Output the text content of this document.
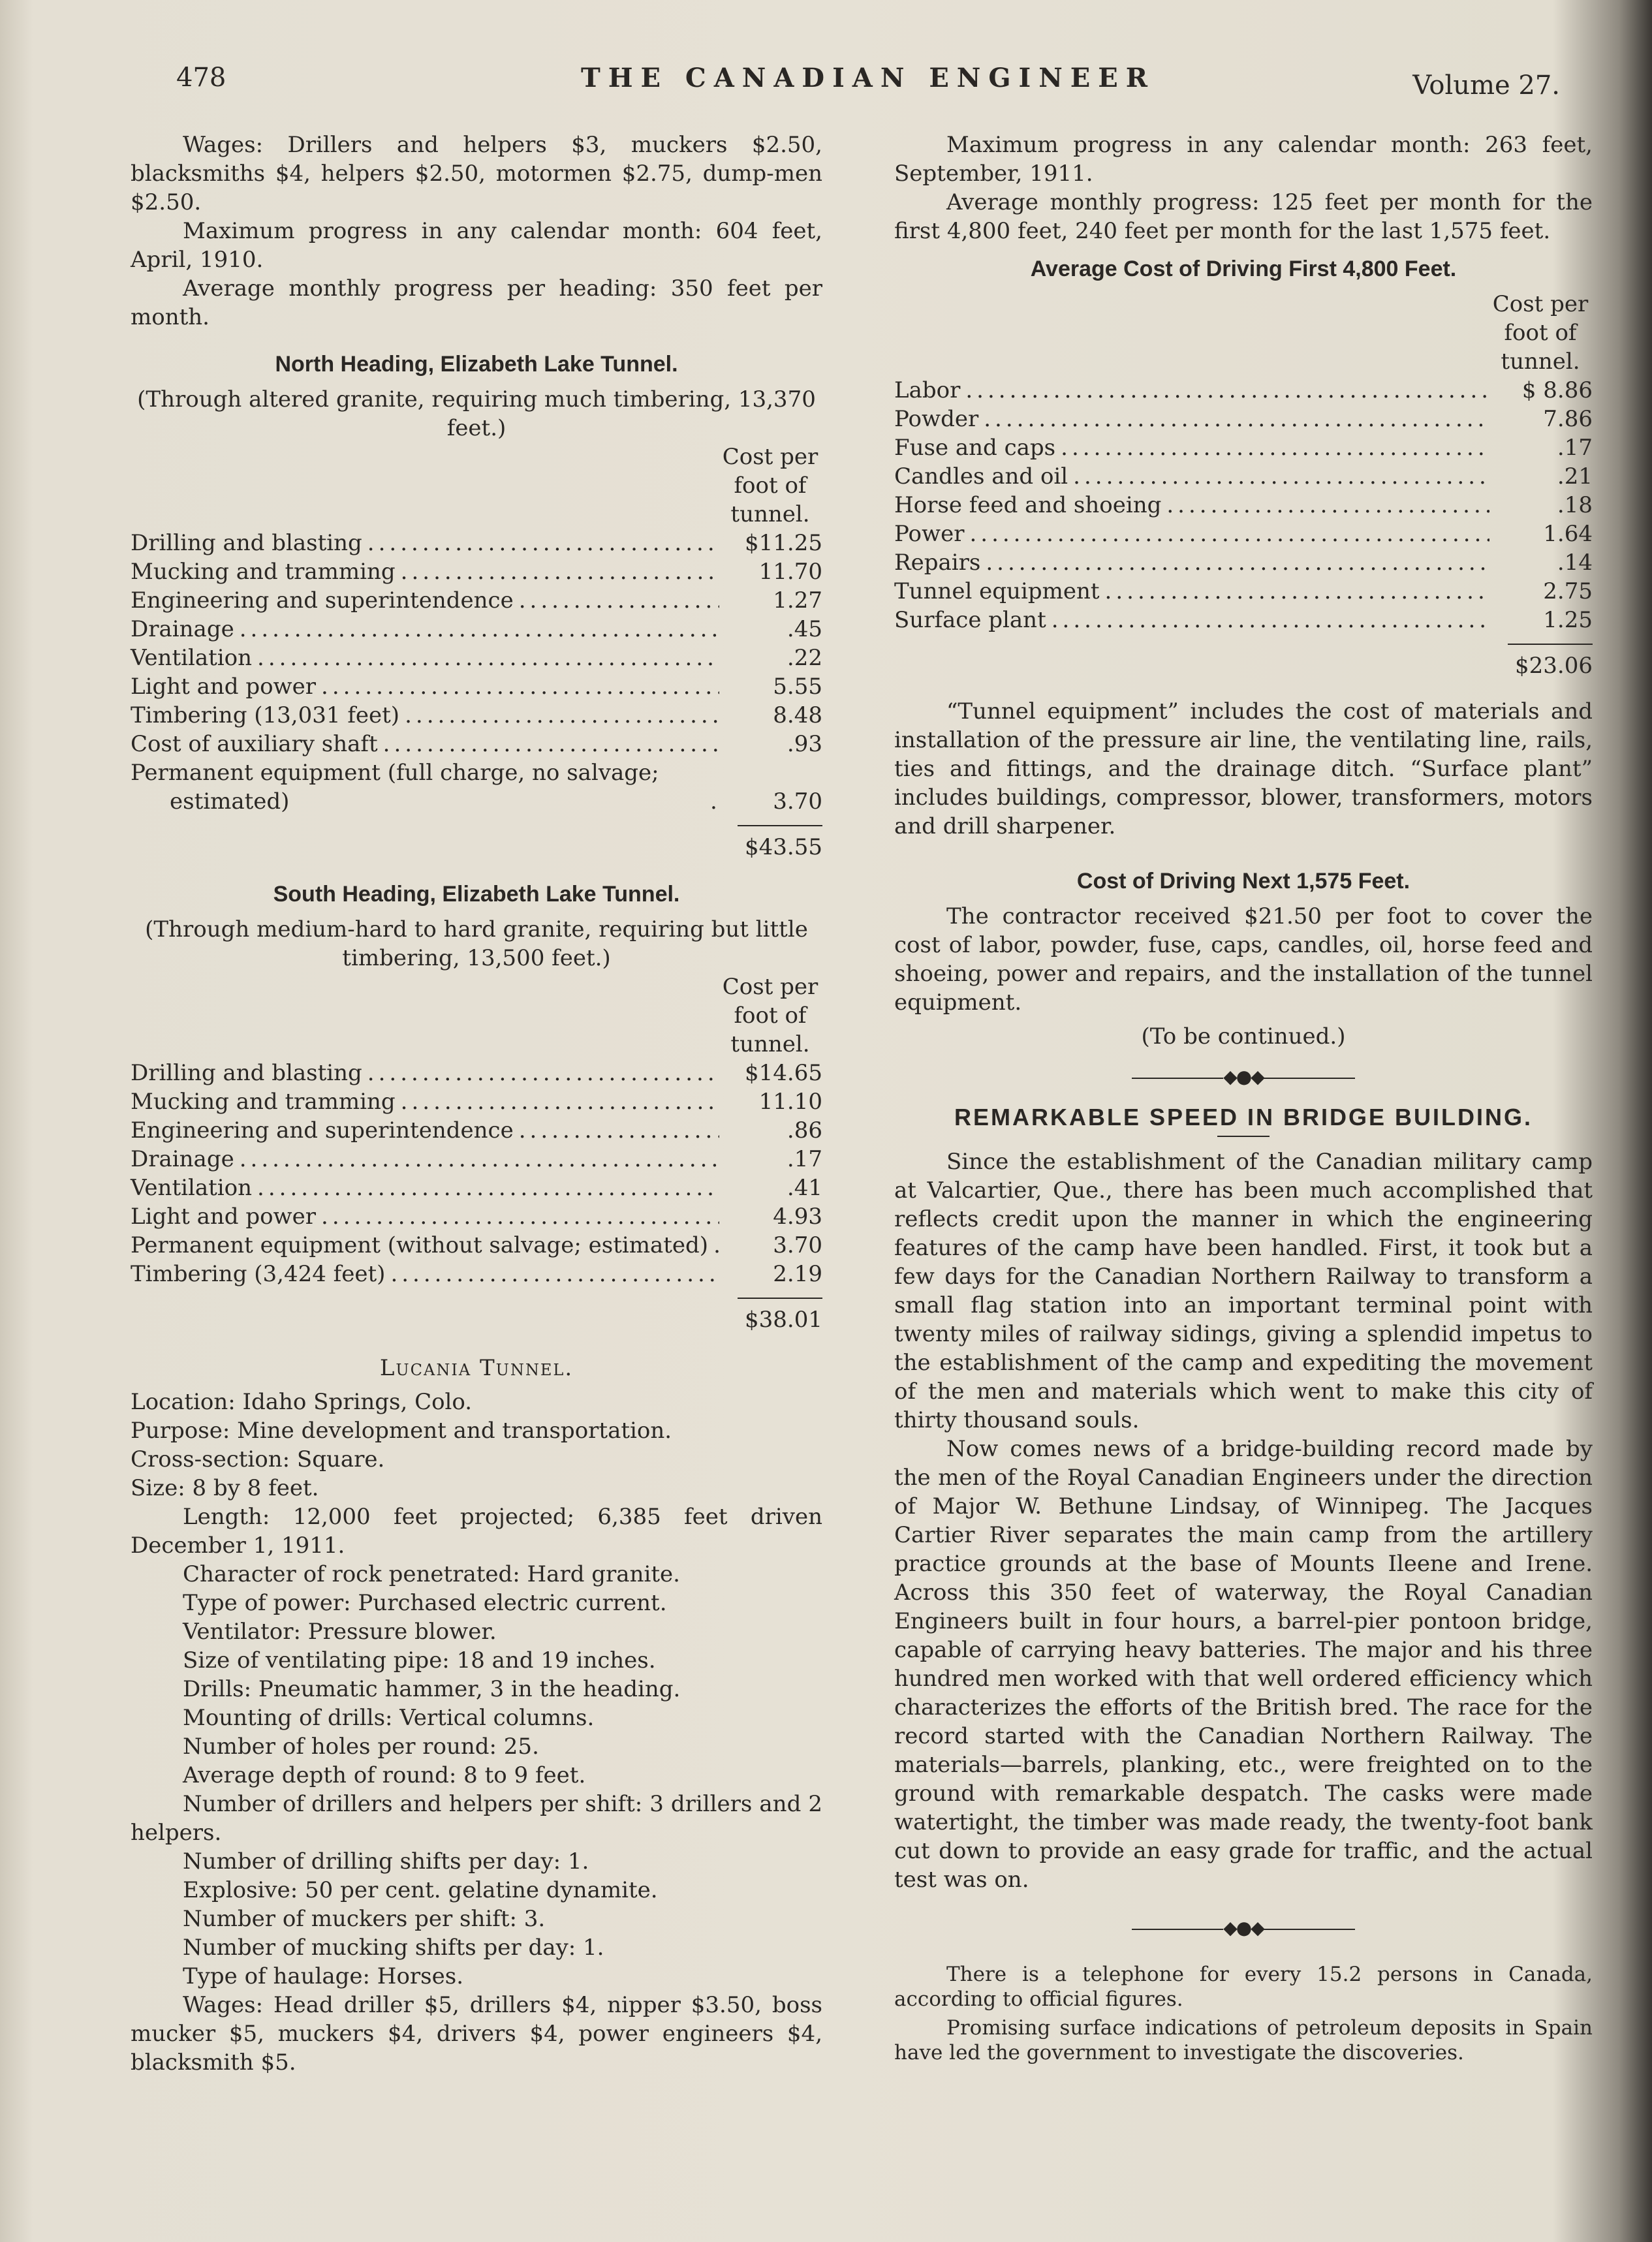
478	THE CANADIAN ENGINEER	Volume 27.

Wages: Drillers and helpers $3, muckers $2.50, blacksmiths $4, helpers $2.50, motormen $2.75, dump-men $2.50.

Maximum progress in any calendar month: 604 feet, April, 1910.

Average monthly progress per heading: 350 feet per month.

North Heading, Elizabeth Lake Tunnel.

(Through altered granite, requiring much timbering, 13,370 feet.)

Cost per foot of tunnel.
Drilling and blasting .....	$11.25
Mucking and tramming .....	11.70
Engineering and superintendence .....	1.27
Drainage .....	.45
Ventilation .....	.22
Light and power .....	5.55
Timbering (13,031 feet) .....	8.48
Cost of auxiliary shaft .....	.93
Permanent equipment (full charge, no salvage; estimated) .....	3.70
$43.55
South Heading, Elizabeth Lake Tunnel.

(Through medium-hard to hard granite, requiring but little timbering, 13,500 feet.)

Cost per foot of tunnel.
Drilling and blasting .....	$14.65
Mucking and tramming .....	11.10
Engineering and superintendence .....	.86
Drainage .....	.17
Ventilation .....	.41
Light and power .....	4.93
Permanent equipment (without salvage; estimated) .....	3.70
Timbering (3,424 feet) .....	2.19
$38.01
Lucania Tunnel.

Location: Idaho Springs, Colo.

Purpose: Mine development and transportation.

Cross-section: Square.

Size: 8 by 8 feet.

Length: 12,000 feet projected; 6,385 feet driven December 1, 1911.

Character of rock penetrated: Hard granite.

Type of power: Purchased electric current.

Ventilator: Pressure blower.

Size of ventilating pipe: 18 and 19 inches.

Drills: Pneumatic hammer, 3 in the heading.

Mounting of drills: Vertical columns.

Number of holes per round: 25.

Average depth of round: 8 to 9 feet.

Number of drillers and helpers per shift: 3 drillers and 2 helpers.

Number of drilling shifts per day: 1.

Explosive: 50 per cent. gelatine dynamite.

Number of muckers per shift: 3.

Number of mucking shifts per day: 1.

Type of haulage: Horses.

Wages: Head driller $5, drillers $4, nipper $3.50, boss mucker $5, muckers $4, drivers $4, power engineers $4, blacksmith $5.

Maximum progress in any calendar month: 263 feet, September, 1911.

Average monthly progress: 125 feet per month for the first 4,800 feet, 240 feet per month for the last 1,575 feet.

Average Cost of Driving First 4,800 Feet.
Cost per foot of tunnel.
Labor .....	$ 8.86
Powder .....	7.86
Fuse and caps .....	.17
Candles and oil .....	.21
Horse feed and shoeing .....	.18
Power .....	1.64
Repairs .....	.14
Tunnel equipment .....	2.75
Surface plant .....	1.25
$23.06

“Tunnel equipment” includes the cost of materials and installation of the pressure air line, the ventilating line, rails, ties and fittings, and the drainage ditch. “Surface plant” includes buildings, compressor, blower, transformers, motors and drill sharpener.

Cost of Driving Next 1,575 Feet.

The contractor received $21.50 per foot to cover the cost of labor, powder, fuse, caps, candles, oil, horse feed and shoeing, power and repairs, and the installation of the tunnel equipment.

(To be continued.)

◆●◆
REMARKABLE SPEED IN BRIDGE BUILDING.

Since the establishment of the Canadian military camp at Valcartier, Que., there has been much accomplished that reflects credit upon the manner in which the engineering features of the camp have been handled. First, it took but a few days for the Canadian Northern Railway to transform a small flag station into an important terminal point with twenty miles of railway sidings, giving a splendid impetus to the establishment of the camp and expediting the movement of the men and materials which went to make this city of thirty thousand souls.

Now comes news of a bridge-building record made by the men of the Royal Canadian Engineers under the direction of Major W. Bethune Lindsay, of Winnipeg. The Jacques Cartier River separates the main camp from the artillery practice grounds at the base of Mounts Ileene and Irene. Across this 350 feet of waterway, the Royal Canadian Engineers built in four hours, a barrel-pier pontoon bridge, capable of carrying heavy batteries. The major and his three hundred men worked with that well ordered efficiency which characterizes the efforts of the British bred. The race for the record started with the Canadian Northern Railway. The materials—barrels, planking, etc., were freighted on to the ground with remarkable despatch. The casks were made watertight, the timber was made ready, the twenty-foot bank cut down to provide an easy grade for traffic, and the actual test was on.

◆●◆

There is a telephone for every 15.2 persons in Canada, according to official figures.

Promising surface indications of petroleum deposits in Spain have led the government to investigate the discoveries.
